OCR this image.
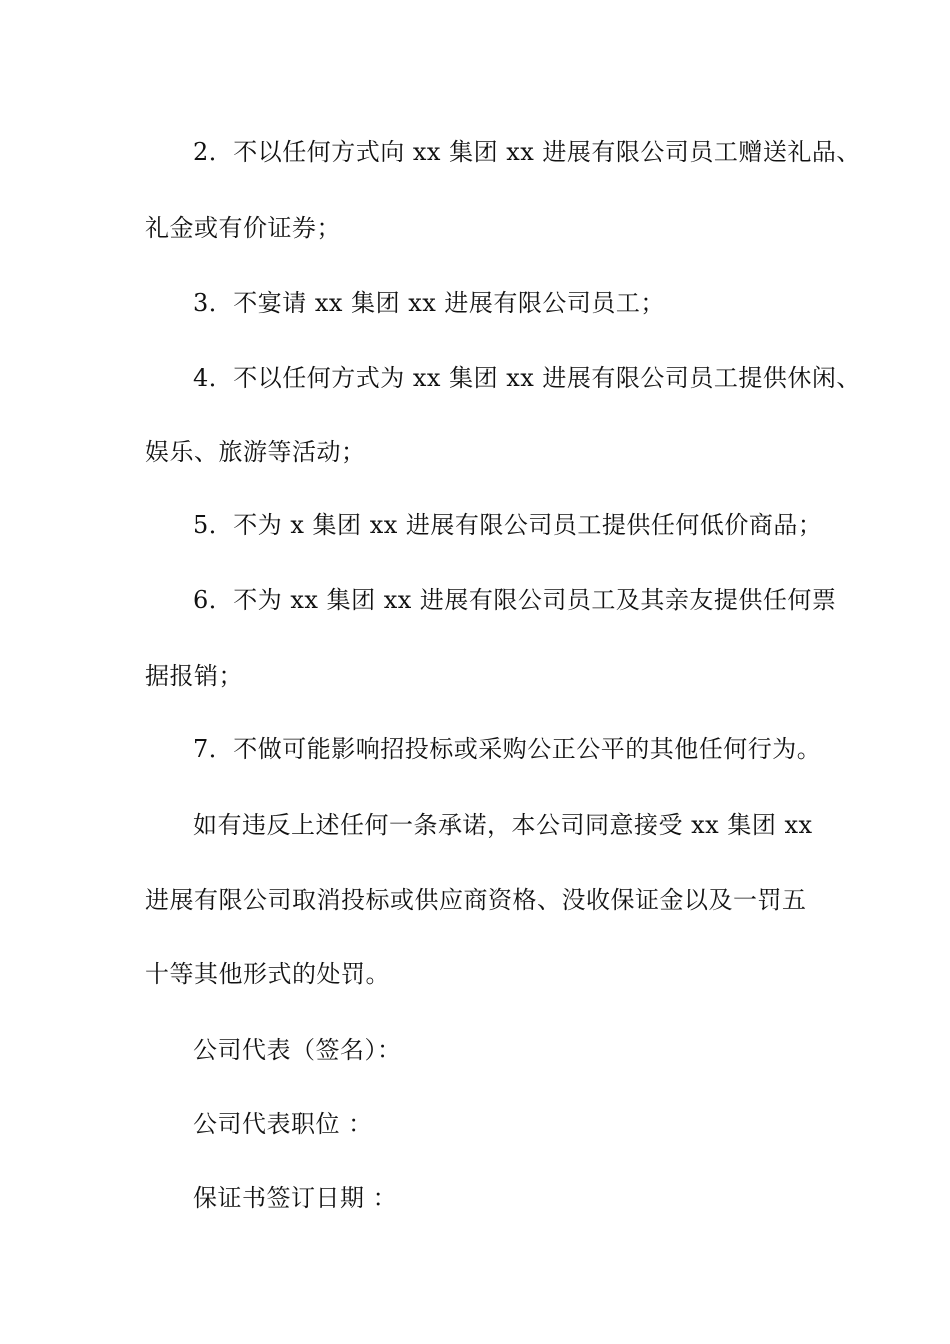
2．不以任何方式向 xx 集团 xx 进展有限公司员工赠送礼品、
礼金或有价证券；
3．不宴请 xx 集团 xx 进展有限公司员工；
4．不以任何方式为 xx 集团 xx 进展有限公司员工提供休闲、
娱乐、旅游等活动；
5．不为 x 集团 xx 进展有限公司员工提供任何低价商品；
6．不为 xx 集团 xx 进展有限公司员工及其亲友提供任何票
据报销；
7．不做可能影响招投标或采购公正公平的其他任何行为。
如有违反上述任何一条承诺，本公司同意接受 xx 集团 xx
进展有限公司取消投标或供应商资格、没收保证金以及一罚五
十等其他形式的处罚。
公司代表（签名）：
公司代表职位 ：
保证书签订日期 ：
